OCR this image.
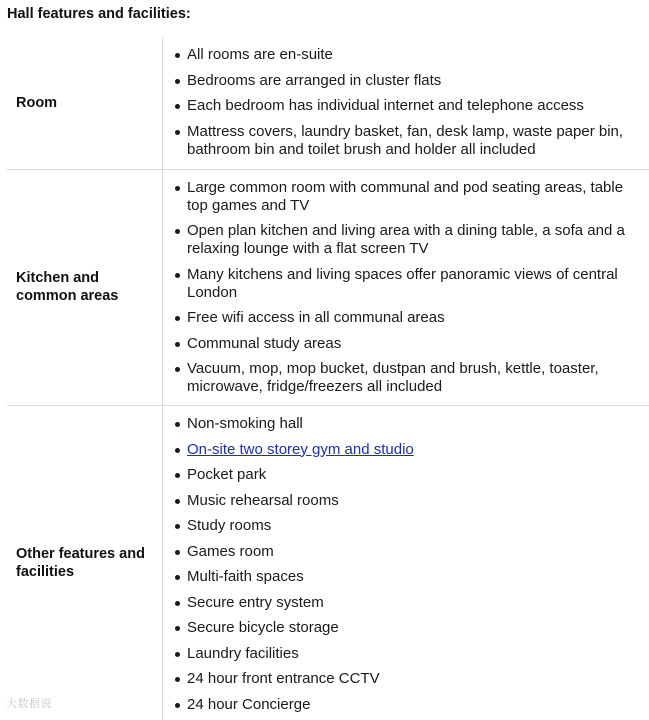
Hall features and facilities:
Room
All rooms are en-suite
Bedrooms are arranged in cluster flats
Each bedroom has individual internet and telephone access
Mattress covers, laundry basket, fan, desk lamp, waste paper bin, bathroom bin and toilet brush and holder all included
Kitchen and common areas
Large common room with communal and pod seating areas, table top games and TV
Open plan kitchen and living area with a dining table, a sofa and a relaxing lounge with a flat screen TV
Many kitchens and living spaces offer panoramic views of central London
Free wifi access in all communal areas
Communal study areas
Vacuum, mop, mop bucket, dustpan and brush, kettle, toaster, microwave, fridge/freezers all included
Other features and facilities
Non-smoking hall
On-site two storey gym and studio
Pocket park
Music rehearsal rooms
Study rooms
Games room
Multi-faith spaces
Secure entry system
Secure bicycle storage
Laundry facilities
24 hour front entrance CCTV
24 hour Concierge
大数据说
